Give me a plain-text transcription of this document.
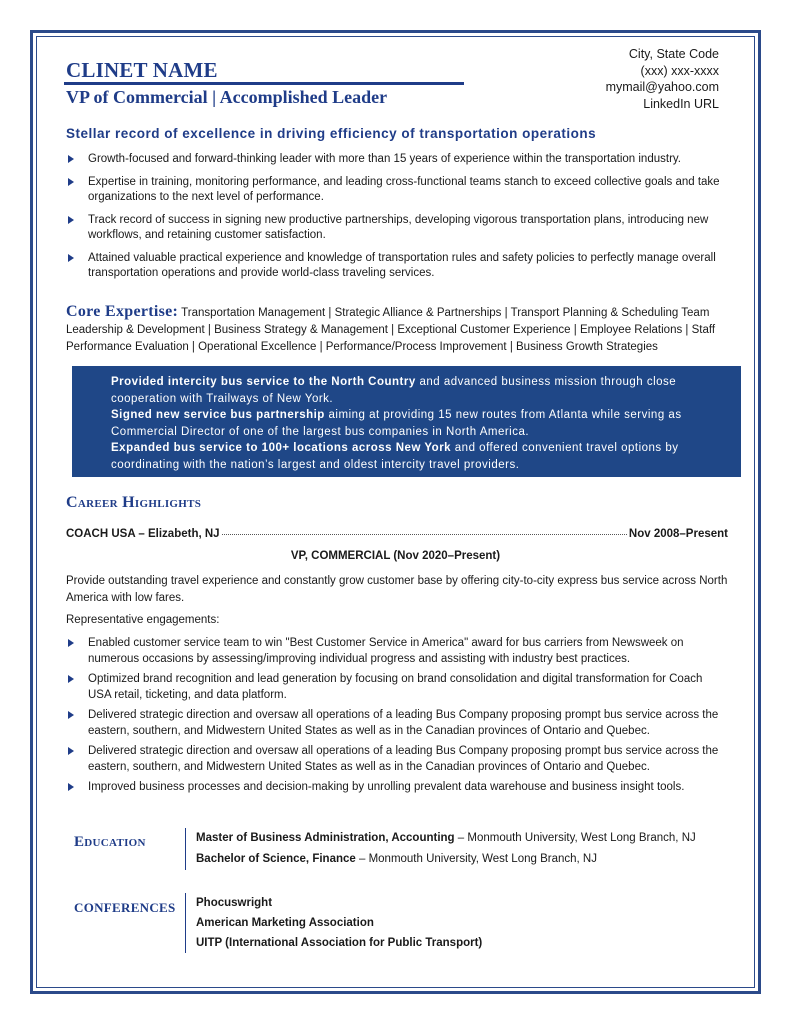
CLINET NAME
VP of Commercial | Accomplished Leader
City, State Code
(xxx) xxx-xxxx
mymail@yahoo.com
LinkedIn URL
Stellar record of excellence in driving efficiency of transportation operations
Growth-focused and forward-thinking leader with more than 15 years of experience within the transportation industry.
Expertise in training, monitoring performance, and leading cross-functional teams stanch to exceed collective goals and take organizations to the next level of performance.
Track record of success in signing new productive partnerships, developing vigorous transportation plans, introducing new workflows, and retaining customer satisfaction.
Attained valuable practical experience and knowledge of transportation rules and safety policies to perfectly manage overall transportation operations and provide world-class traveling services.
Core Expertise: Transportation Management | Strategic Alliance & Partnerships | Transport Planning & Scheduling Team Leadership & Development | Business Strategy & Management | Exceptional Customer Experience | Employee Relations | Staff Performance Evaluation | Operational Excellence | Performance/Process Improvement | Business Growth Strategies

Provided intercity bus service to the North Country and advanced business mission through close cooperation with Trailways of New York.

Signed new service bus partnership aiming at providing 15 new routes from Atlanta while serving as Commercial Director of one of the largest bus companies in North America.

Expanded bus service to 100+ locations across New York and offered convenient travel options by coordinating with the nation’s largest and oldest intercity travel providers.

Career Highlights
COACH USA – Elizabeth, NJ	Nov 2008–Present
VP, COMMERCIAL (Nov 2020–Present)

Provide outstanding travel experience and constantly grow customer base by offering city-to-city express bus service across North America with low fares.

Representative engagements:

Enabled customer service team to win "Best Customer Service in America" award for bus carriers from Newsweek on numerous occasions by assessing/improving individual progress and assisting with industry best practices.
Optimized brand recognition and lead generation by focusing on brand consolidation and digital transformation for Coach USA retail, ticketing, and data platform.
Delivered strategic direction and oversaw all operations of a leading Bus Company proposing prompt bus service across the eastern, southern, and Midwestern United States as well as in the Canadian provinces of Ontario and Quebec.
Delivered strategic direction and oversaw all operations of a leading Bus Company proposing prompt bus service across the eastern, southern, and Midwestern United States as well as in the Canadian provinces of Ontario and Quebec.
Improved business processes and decision-making by unrolling prevalent data warehouse and business insight tools.
Education	Master of Business Administration, Accounting – Monmouth University, West Long Branch, NJ
Bachelor of Science, Finance – Monmouth University, West Long Branch, NJ
CONFERENCES Phocuswright
American Marketing Association
UITP (International Association for Public Transport)
